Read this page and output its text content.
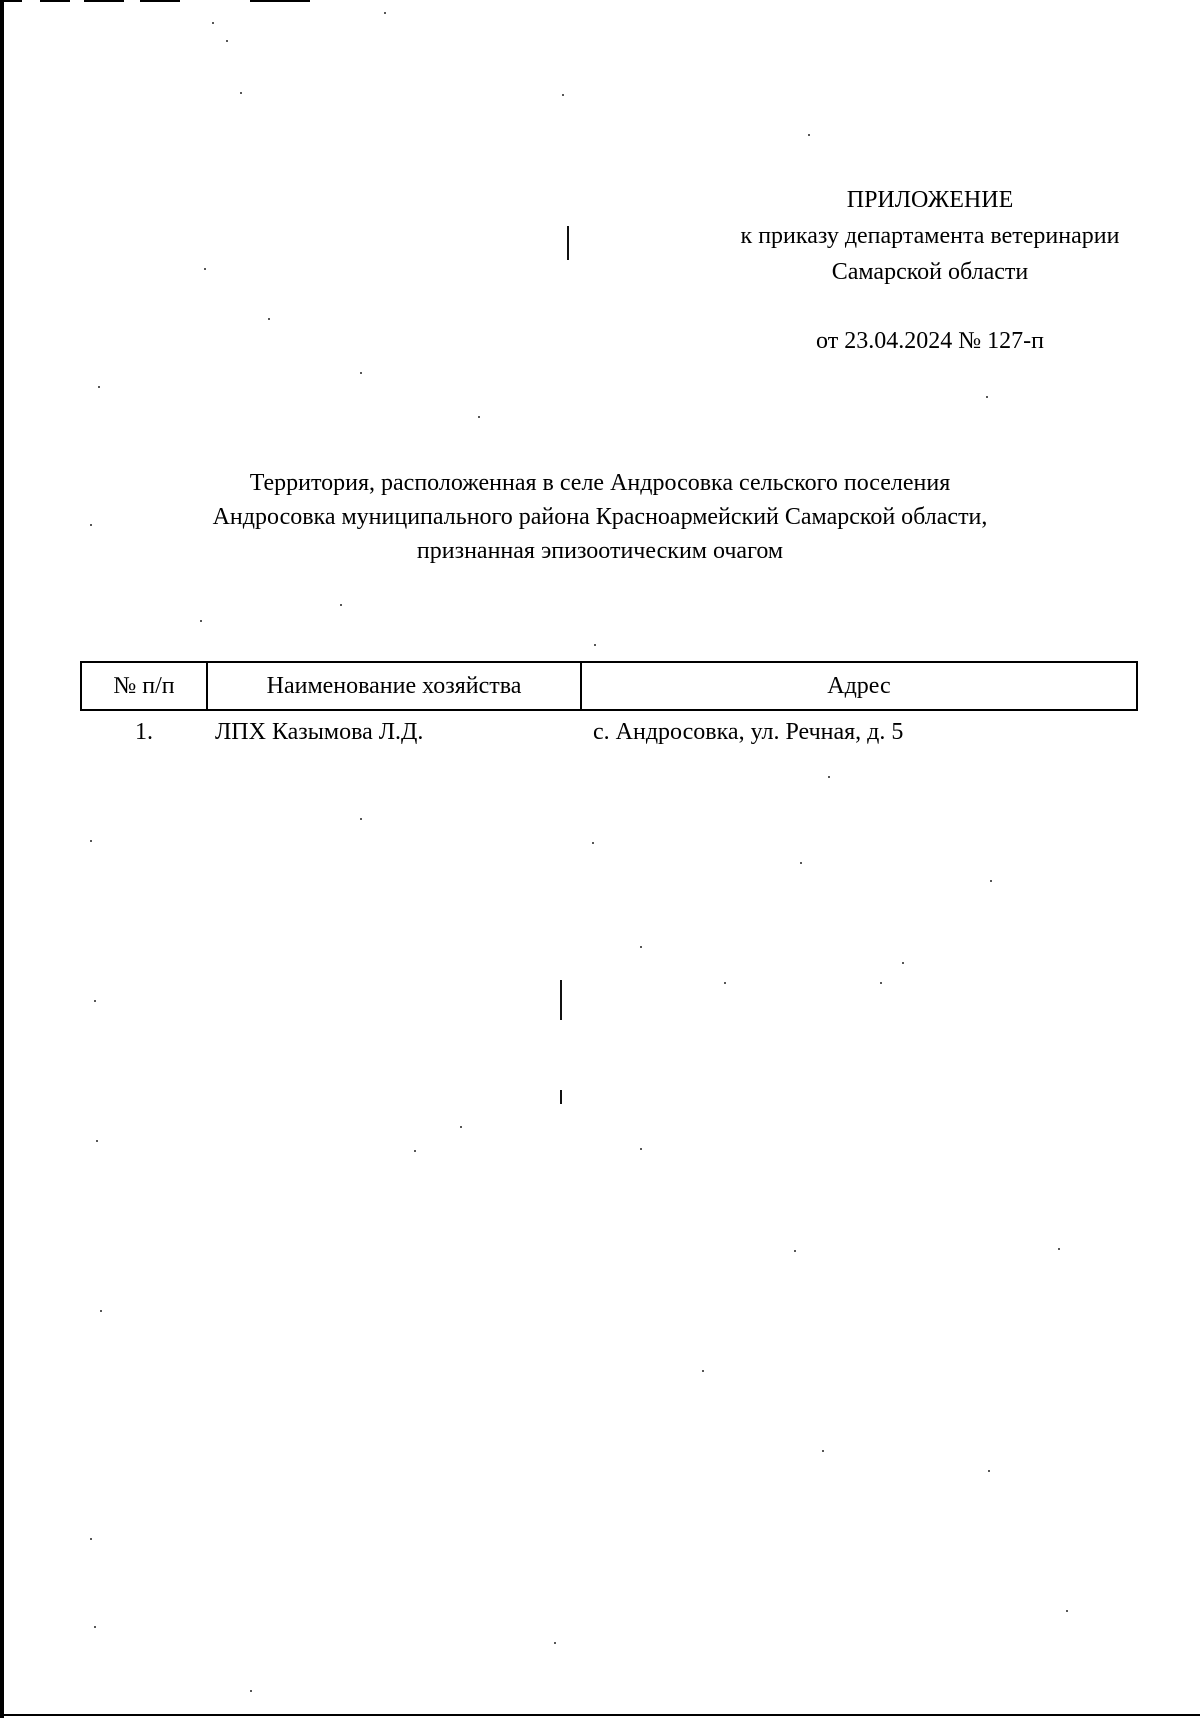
ПРИЛОЖЕНИЕ
к приказу департамента ветеринарии
Самарской области
от 23.04.2024 № 127-п
Территория, расположенная в селе Андросовка сельского поселения
Андросовка муниципального района Красноармейский Самарской области,
признанная эпизоотическим очагом
№ п/п	Наименование хозяйства	Адрес
1.	ЛПХ Казымова Л.Д.	с. Андросовка, ул. Речная, д. 5
